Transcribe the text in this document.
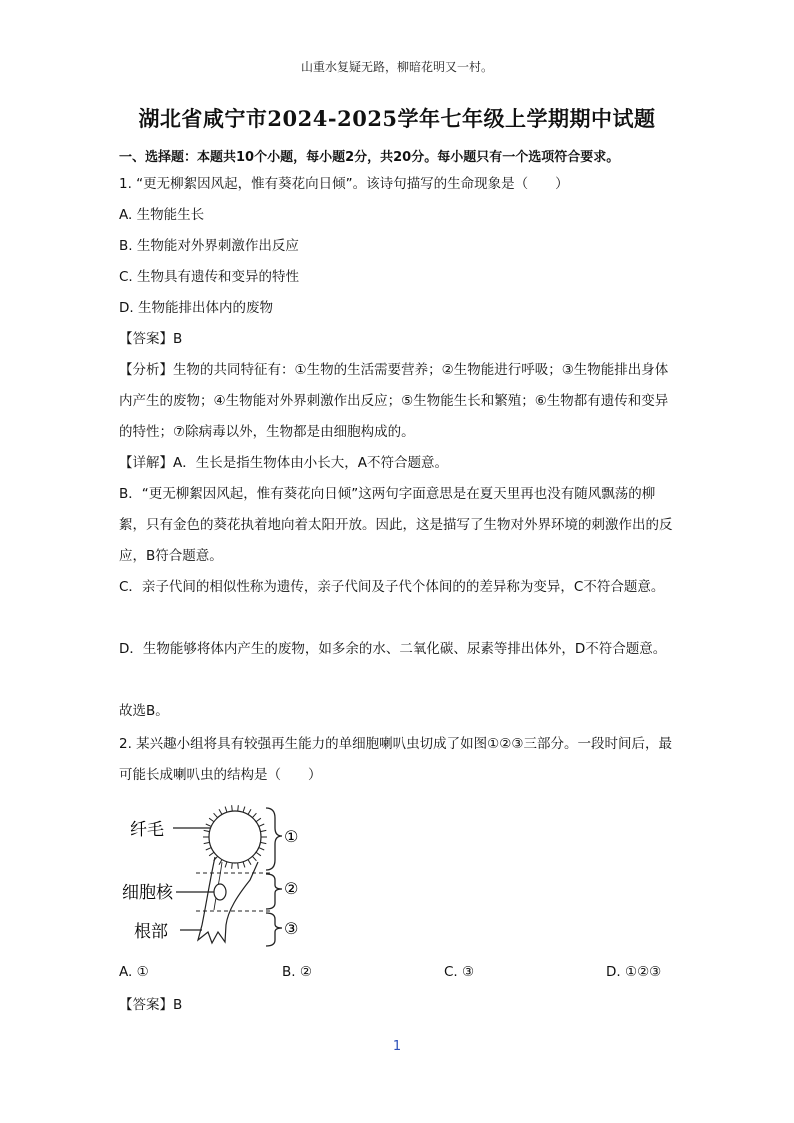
山重水复疑无路，柳暗花明又一村。
湖北省咸宁市2024-2025学年七年级上学期期中试题
一、选择题：本题共10个小题，每小题2分，共20分。每小题只有一个选项符合要求。
1. “更无柳絮因风起，惟有葵花向日倾”。该诗句描写的生命现象是（　　）
A. 生物能生长
B. 生物能对外界刺激作出反应
C. 生物具有遗传和变异的特性
D. 生物能排出体内的废物
【答案】B
【分析】生物的共同特征有：①生物的生活需要营养；②生物能进行呼吸；③生物能排出身体内产生的废物；④生物能对外界刺激作出反应；⑤生物能生长和繁殖；⑥生物都有遗传和变异的特性；⑦除病毒以外，生物都是由细胞构成的。
【详解】A．生长是指生物体由小长大，A不符合题意。
B．“更无柳絮因风起，惟有葵花向日倾”这两句字面意思是在夏天里再也没有随风飘荡的柳絮，只有金色的葵花执着地向着太阳开放。因此，这是描写了生物对外界环境的刺激作出的反应，B符合题意。
C．亲子代间的相似性称为遗传，亲子代间及子代个体间的的差异称为变异，C不符合题意。
D．生物能够将体内产生的废物，如多余的水、二氧化碳、尿素等排出体外，D不符合题意。
故选B。
2. 某兴趣小组将具有较强再生能力的单细胞喇叭虫切成了如图①②③三部分。一段时间后，最可能长成喇叭虫的结构是（　　）
纤毛
细胞核
根部
①
②
③
A. ①	B. ②	C. ③	D. ①②③
【答案】B
1
